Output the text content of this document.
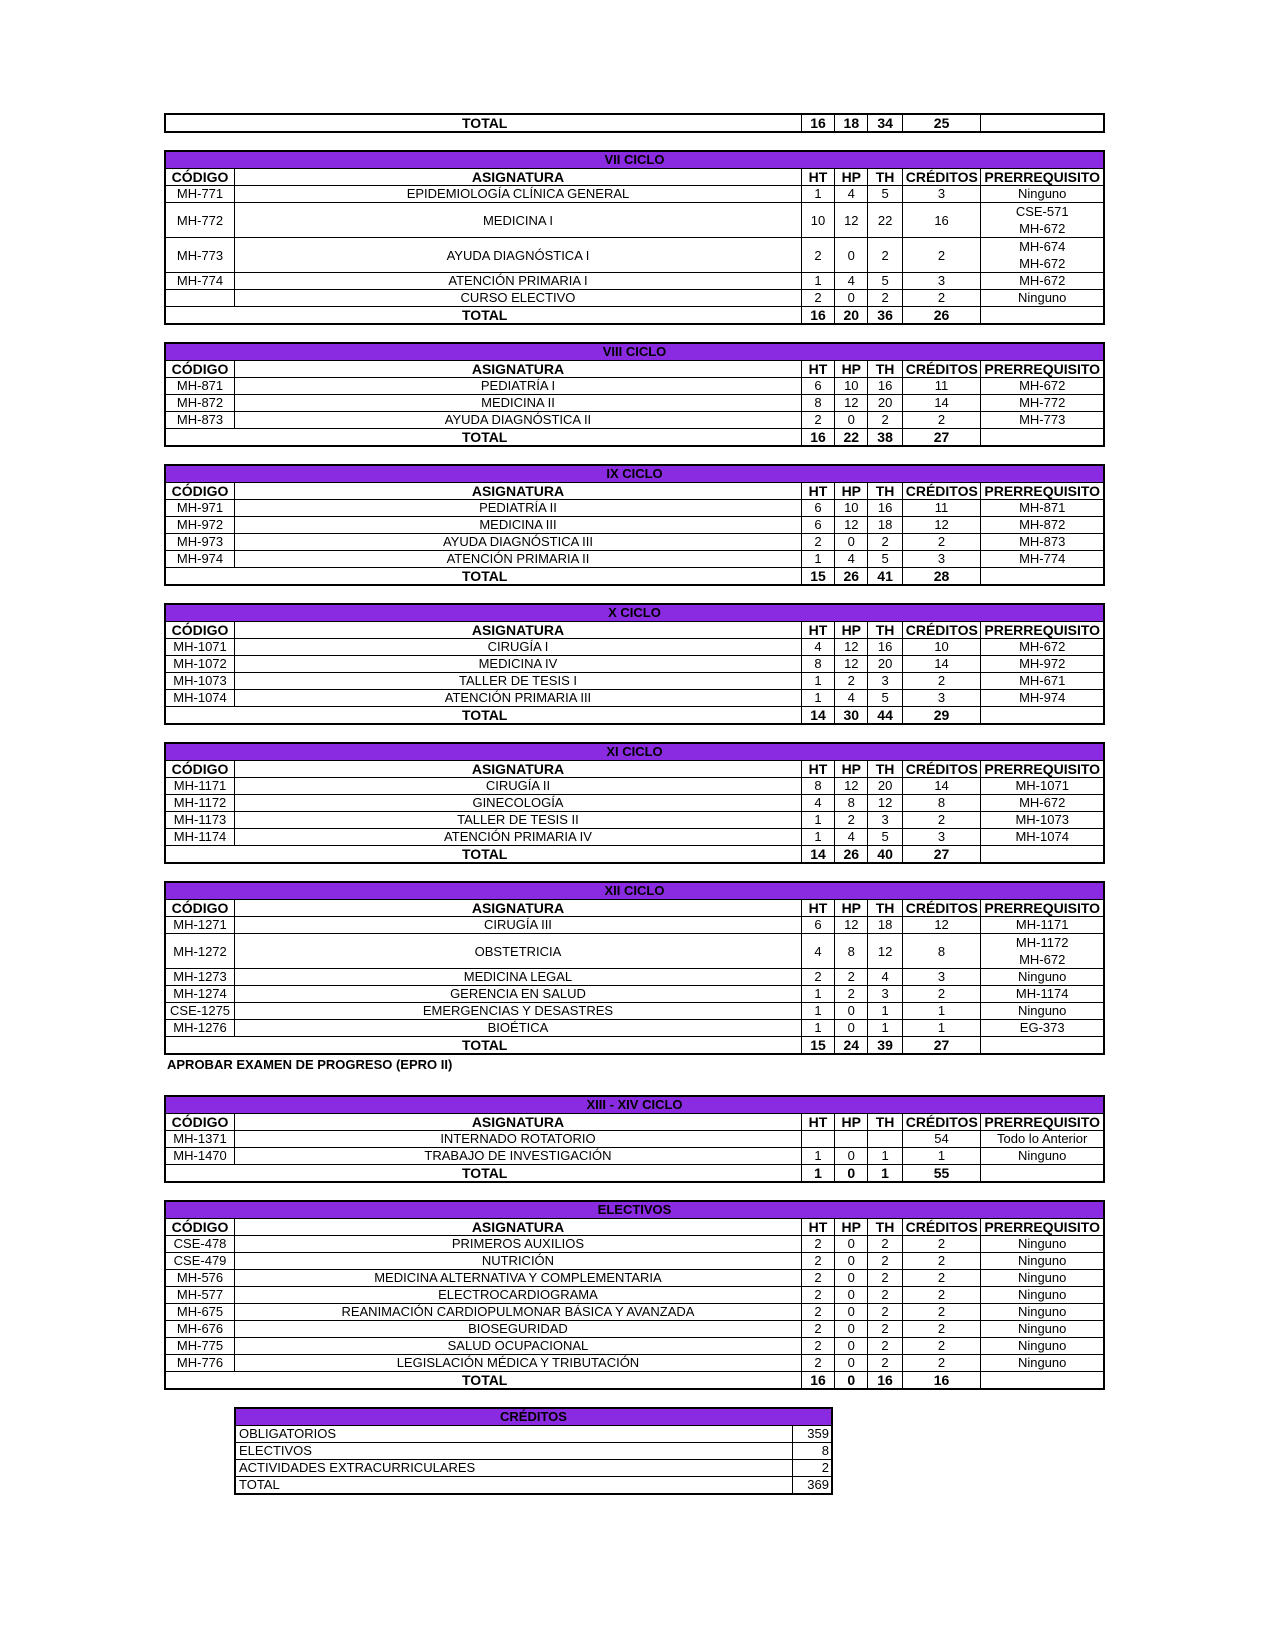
TOTAL	16	18	34	25	
VII CICLO						
CÓDIGO	ASIGNATURA	HT	HP	TH	CRÉDITOS	PRERREQUISITO
MH-771	EPIDEMIOLOGÍA CLÍNICA GENERAL	1	4	5	3	Ninguno
MH-772	MEDICINA I	10	12	22	16	CSE-571
MH-672

MH-773	AYUDA DIAGNÓSTICA I	2	0	2	2	MH-674
MH-672

MH-774	ATENCIÓN PRIMARIA I	1	4	5	3	MH-672
	CURSO ELECTIVO	2	0	2	2	Ninguno
TOTAL		16	20	36	26	
VIII CICLO						
CÓDIGO	ASIGNATURA	HT	HP	TH	CRÉDITOS	PRERREQUISITO
MH-871	PEDIATRÍA I	6	10	16	11	MH-672
MH-872	MEDICINA II	8	12	20	14	MH-772
MH-873	AYUDA DIAGNÓSTICA II	2	0	2	2	MH-773
TOTAL		16	22	38	27	
IX CICLO						
CÓDIGO	ASIGNATURA	HT	HP	TH	CRÉDITOS	PRERREQUISITO
MH-971	PEDIATRÍA II	6	10	16	11	MH-871
MH-972	MEDICINA III	6	12	18	12	MH-872
MH-973	AYUDA DIAGNÓSTICA III	2	0	2	2	MH-873
MH-974	ATENCIÓN PRIMARIA II	1	4	5	3	MH-774
TOTAL		15	26	41	28	
X CICLO						
CÓDIGO	ASIGNATURA	HT	HP	TH	CRÉDITOS	PRERREQUISITO
MH-1071	CIRUGÍA I	4	12	16	10	MH-672
MH-1072	MEDICINA IV	8	12	20	14	MH-972
MH-1073	TALLER DE TESIS I	1	2	3	2	MH-671
MH-1074	ATENCIÓN PRIMARIA III	1	4	5	3	MH-974
TOTAL		14	30	44	29	
XI CICLO						
CÓDIGO	ASIGNATURA	HT	HP	TH	CRÉDITOS	PRERREQUISITO
MH-1171	CIRUGÍA II	8	12	20	14	MH-1071
MH-1172	GINECOLOGÍA	4	8	12	8	MH-672
MH-1173	TALLER DE TESIS II	1	2	3	2	MH-1073
MH-1174	ATENCIÓN PRIMARIA IV	1	4	5	3	MH-1074
TOTAL		14	26	40	27	
XII CICLO						
CÓDIGO	ASIGNATURA	HT	HP	TH	CRÉDITOS	PRERREQUISITO
MH-1271	CIRUGÍA III	6	12	18	12	MH-1171
MH-1272	OBSTETRICIA	4	8	12	8	MH-1172
MH-672

MH-1273	MEDICINA LEGAL	2	2	4	3	Ninguno
MH-1274	GERENCIA EN SALUD	1	2	3	2	MH-1174
CSE-1275	EMERGENCIAS Y DESASTRES	1	0	1	1	Ninguno
MH-1276	BIOÉTICA	1	0	1	1	EG-373
TOTAL		15	24	39	27	
APROBAR EXAMEN DE PROGRESO (EPRO II)
XIII - XIV CICLO						
CÓDIGO	ASIGNATURA	HT	HP	TH	CRÉDITOS	PRERREQUISITO
MH-1371	INTERNADO ROTATORIO				54	Todo lo Anterior
MH-1470	TRABAJO DE INVESTIGACIÓN	1	0	1	1	Ninguno
TOTAL		1	0	1	55	
ELECTIVOS						
CÓDIGO	ASIGNATURA	HT	HP	TH	CRÉDITOS	PRERREQUISITO
CSE-478	PRIMEROS AUXILIOS	2	0	2	2	Ninguno
CSE-479	NUTRICIÓN	2	0	2	2	Ninguno
MH-576	MEDICINA ALTERNATIVA Y COMPLEMENTARIA	2	0	2	2	Ninguno
MH-577	ELECTROCARDIOGRAMA	2	0	2	2	Ninguno
MH-675	REANIMACIÓN CARDIOPULMONAR BÁSICA Y AVANZADA	2	0	2	2	Ninguno
MH-676	BIOSEGURIDAD	2	0	2	2	Ninguno
MH-775	SALUD OCUPACIONAL	2	0	2	2	Ninguno
MH-776	LEGISLACIÓN MÉDICA Y TRIBUTACIÓN	2	0	2	2	Ninguno
TOTAL		16	0	16	16	
CRÉDITOS	
OBLIGATORIOS	359
ELECTIVOS	8
ACTIVIDADES EXTRACURRICULARES	2
TOTAL	369
